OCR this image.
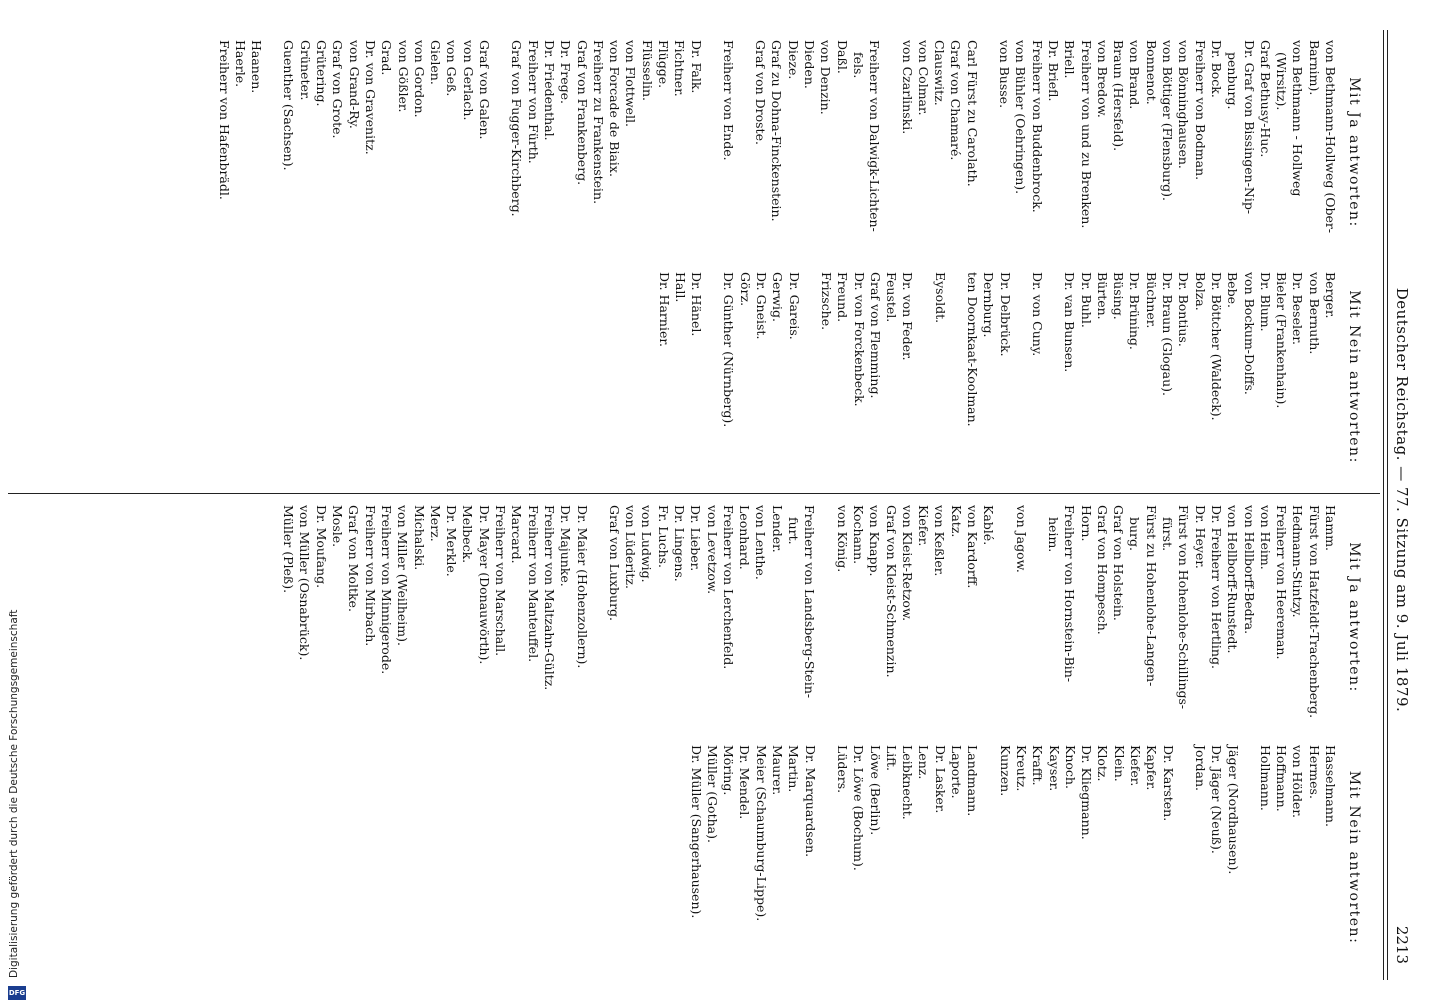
Deutscher Reichstag. — 77. Sitzung am 9. Juli 1879.
2213
Mit Ja antworten:
von Bethmann-Hollweg (Ober-
Barnim).
von Bethmann - Hollweg
(Wirsitz).
Graf Bethusy-Huc.
Dr. Graf von Bissingen-Nip-
penburg.
Dr. Bock.
Freiherr von Bodman.
von Bönninghausen.
von Böttiger (Flensburg).
Bonnenot.
von Brand.
Braun (Hersfeld).
von Bredow.
Freiherr von und zu Brenken.
Briell.
Dr. Briefl.
Freiherr von Buddenbrock.
von Bühler (Oehringen).
von Busse.
Carl Fürst zu Carolath.
Graf von Chamaré.
Clauswitz.
von Colmar.
von Czarlinski.
Freiherr von Dalwigk-Lichten-
fels.
Daßl.
von Denzin.
Dieden.
Dieze.
Graf zu Dohna-Finckenstein.
Graf von Droste.
Freiherr von Ende.
Dr. Falk.
Fichtner.
Flügge.
Flüsselin.
von Flottwell.
von Forcade de Biaix.
Freiherr zu Frankenstein.
Graf von Frankenberg.
Dr. Frege.
Dr. Friedenthal.
Freiherr von Fürth.
Graf von Fugger-Kirchberg.
Graf von Galen.
von Gerlach.
von Geß.
Gielen.
von Gordon.
von Gößler.
Grad.
Dr. von Gravenitz.
von Grand-Ry.
Graf von Grote.
Grütering.
Grüneter.
Guenther (Sachsen).
Haanen.
Haerle.
Freiherr von Hafenbrädl.
Mit Nein antworten:
Berger.
von Bernuth.
Dr. Beseler.
Bieler (Frankenhain).
Dr. Blum.
von Bockum-Dolffs.
Bebe.
Dr. Böttcher (Waldeck).
Bolza.
Dr. Bontius.
Dr. Braun (Glogau).
Büchner.
Dr. Brüning.
Büsing.
Bürten.
Dr. Buhl.
Dr. van Bunsen.
Dr. von Cuny.
Dr. Delbrück.
Dernburg.
ten Doornkaat-Koolman.
Eysoldt.
Dr. von Feder.
Feustel.
Graf von Flemming.
Dr. von Forckenbeck.
Freund.
Frizsche.
Dr. Gareis.
Gerwig.
Dr. Gneist.
Görz.
Dr. Günther (Nürnberg).
Dr. Hänel.
Hall.
Dr. Harnier.
Mit Ja antworten:
Hamm.
Fürst von Hatzfeldt-Trachenberg.
Hedmann-Stintzy.
Freiherr von Heereman.
von Heim.
von Hellborff-Bedra.
von Hellborff-Runstedt.
Dr. Freiherr von Hertling.
Dr. Heyer.
Fürst von Hohenlohe-Schillings-
fürst.
Fürst zu Hohenlohe-Langen-
burg.
Graf von Holstein.
Graf von Hompesch.
Horn.
Freiherr von Hornstein-Bin-
heim.
von Jagow.
Kablé.
von Kardorff.
Katz.
von Keßler.
Kiefer.
von Kleist-Retzow.
Graf von Kleist-Schmenzin.
von Knapp.
Kochann.
von König.
Freiherr von Landsberg-Stein-
furt.
Lender.
von Lenthe.
Leonhard.
Freiherr von Lerchenfeld.
von Levetzow.
Dr. Lieber.
Dr. Lingens.
Fr. Luchs.
von Ludwig.
von Lüderitz.
Graf von Luxburg.
Dr. Maier (Hohenzollern).
Dr. Majunke.
Freiherr von Maltzahn-Gültz.
Freiherr von Manteuffel.
Marcard.
Freiherr von Marschall.
Dr. Mayer (Donauwörth).
Melbeck.
Dr. Merkle.
Merz.
Michalski.
von Miller (Weilheim).
Freiherr von Minnigerode.
Freiherr von Mirbach.
Graf von Moltke.
Mosle.
Dr. Moufang.
von Müller (Osnabrück).
Müller (Pleß).
Mit Nein antworten:
Hasselmann.
Hermes.
von Hölder.
Hoffmann.
Hollmann.
Jäger (Nordhausen).
Dr. Jäger (Neuß).
Jordan.
Dr. Karsten.
Kapfer.
Kiefer.
Klein.
Klotz.
Dr. Kliegmann.
Knoch.
Kayser.
Krafft.
Kreutz.
Kunzen.
Landmann.
Laporte.
Dr. Lasker.
Lenz.
Leibknecht.
Lift.
Löwe (Berlin).
Dr. Löwe (Bochum).
Lüders.
Dr. Marquardsen.
Martin.
Maurer.
Meier (Schaumburg-Lippe).
Dr. Mendel.
Möring.
Müller (Gotha).
Dr. Müller (Sangerhausen).
Digitalisierung gefördert durch die Deutsche Forschungsgemeinschaft
DFG
